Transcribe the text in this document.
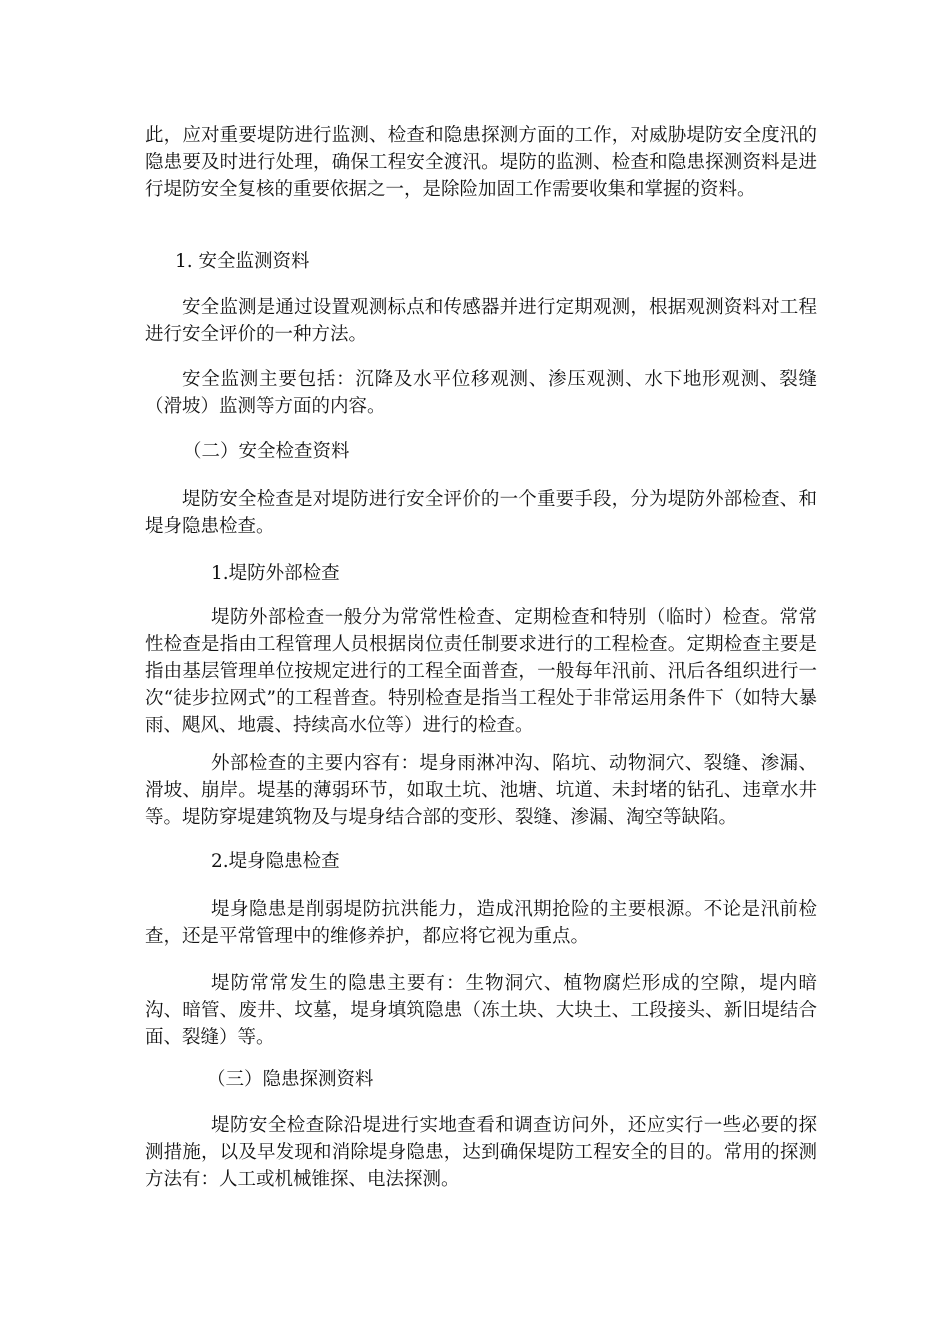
此，应对重要堤防进行监测、检查和隐患探测方面的工作，对威胁堤防安全度汛的隐患要及时进行处理，确保工程安全渡汛。堤防的监测、检查和隐患探测资料是进行堤防安全复核的重要依据之一，是除险加固工作需要收集和掌握的资料。

1. 安全监测资料

安全监测是通过设置观测标点和传感器并进行定期观测，根据观测资料对工程进行安全评价的一种方法。

安全监测主要包括：沉降及水平位移观测、渗压观测、水下地形观测、裂缝（滑坡）监测等方面的内容。

（二）安全检查资料

堤防安全检查是对堤防进行安全评价的一个重要手段，分为堤防外部检查、和堤身隐患检查。

1.堤防外部检查

堤防外部检查一般分为常常性检查、定期检查和特别（临时）检查。常常性检查是指由工程管理人员根据岗位责任制要求进行的工程检查。定期检查主要是指由基层管理单位按规定进行的工程全面普查，一般每年汛前、汛后各组织进行一次“徒步拉网式”的工程普查。特别检查是指当工程处于非常运用条件下（如特大暴雨、飓风、地震、持续高水位等）进行的检查。

外部检查的主要内容有：堤身雨淋冲沟、陷坑、动物洞穴、裂缝、渗漏、滑坡、崩岸。堤基的薄弱环节，如取土坑、池塘、坑道、未封堵的钻孔、违章水井等。堤防穿堤建筑物及与堤身结合部的变形、裂缝、渗漏、淘空等缺陷。

2.堤身隐患检查

堤身隐患是削弱堤防抗洪能力，造成汛期抢险的主要根源。不论是汛前检查，还是平常管理中的维修养护，都应将它视为重点。

堤防常常发生的隐患主要有：生物洞穴、植物腐烂形成的空隙，堤内暗沟、暗管、废井、坟墓，堤身填筑隐患（冻土块、大块土、工段接头、新旧堤结合面、裂缝）等。

（三）隐患探测资料

堤防安全检查除沿堤进行实地查看和调查访问外，还应实行一些必要的探测措施，以及早发现和消除堤身隐患，达到确保堤防工程安全的目的。常用的探测方法有：人工或机械锥探、电法探测。
